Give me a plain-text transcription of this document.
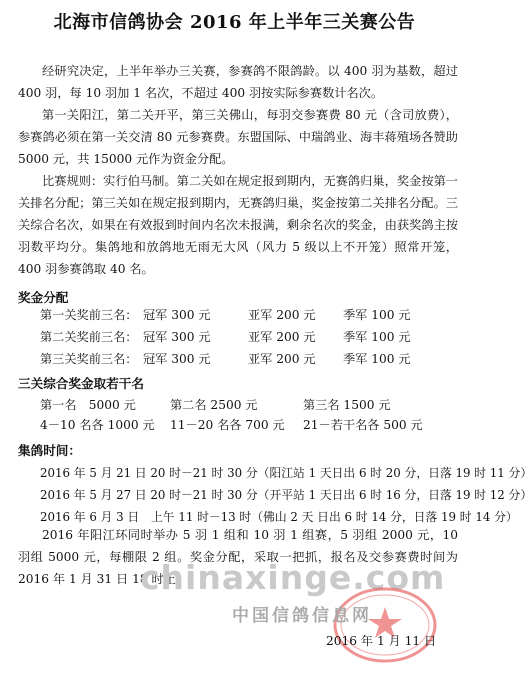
北海市信鸽协会 2016 年上半年三关赛公告

经研究决定，上半年举办三关赛，参赛鸽不限鸽龄。以 400 羽为基数，超过 400 羽，每 10 羽加 1 名次，不超过 400 羽按实际参赛数计名次。

第一关阳江，第二关开平，第三关佛山，每羽交参赛费 80 元（含司放费），参赛鸽必须在第一关交清 80 元参赛费。东盟国际、中瑞鸽业、海丰蒋殖场各赞助 5000 元，共 15000 元作为资金分配。

比赛规则：实行伯马制。第二关如在规定报到期内，无赛鸽归巢，奖金按第一关排名分配；第三关如在规定报到期内，无赛鸽归巢，奖金按第二关排名分配。三关综合名次，如果在有效报到时间内名次未报满，剩余名次的奖金，由获奖鸽主按羽数平均分。集鸽地和放鸽地无雨无大风（风力 5 级以上不开笼）照常开笼，400 羽参赛鸽取 40 名。

奖金分配
第一关奖前三名： 冠军 300 元	亚军 200 元 季军 100 元
第二关奖前三名： 冠军 300 元	亚军 200 元 季军 100 元
第三关奖前三名： 冠军 300 元	亚军 200 元 季军 100 元
三关综合奖金取若干名
第一名　5000 元	第二名 2500 元	第三名 1500 元
4－10 名各 1000 元 11－20 名各 700 元 21－若干名各 500 元
集鸽时间：
2016 年 5 月 21 日 20 时－21 时 30 分（阳江站 1 天日出 6 时 20 分，日落 19 时 11 分）
2016 年 5 月 27 日 20 时－21 时 30 分（开平站 1 天日出 6 时 16 分，日落 19 时 12 分）
2016 年 6 月 3 日　上午 11 时－13 时（佛山 2 天 日出 6 时 14 分，日落 19 时 14 分）

2016 年阳江环同时举办 5 羽 1 组和 10 羽 1 组赛，5 羽组 2000 元，10 羽组 5000 元，每棚限 2 组。奖金分配，采取一把抓，报名及交参赛费时间为 2016 年 1 月 31 日 18 时止。

chinaxinge.com
中国信鸽信息网
2016 年 1 月 11 日
